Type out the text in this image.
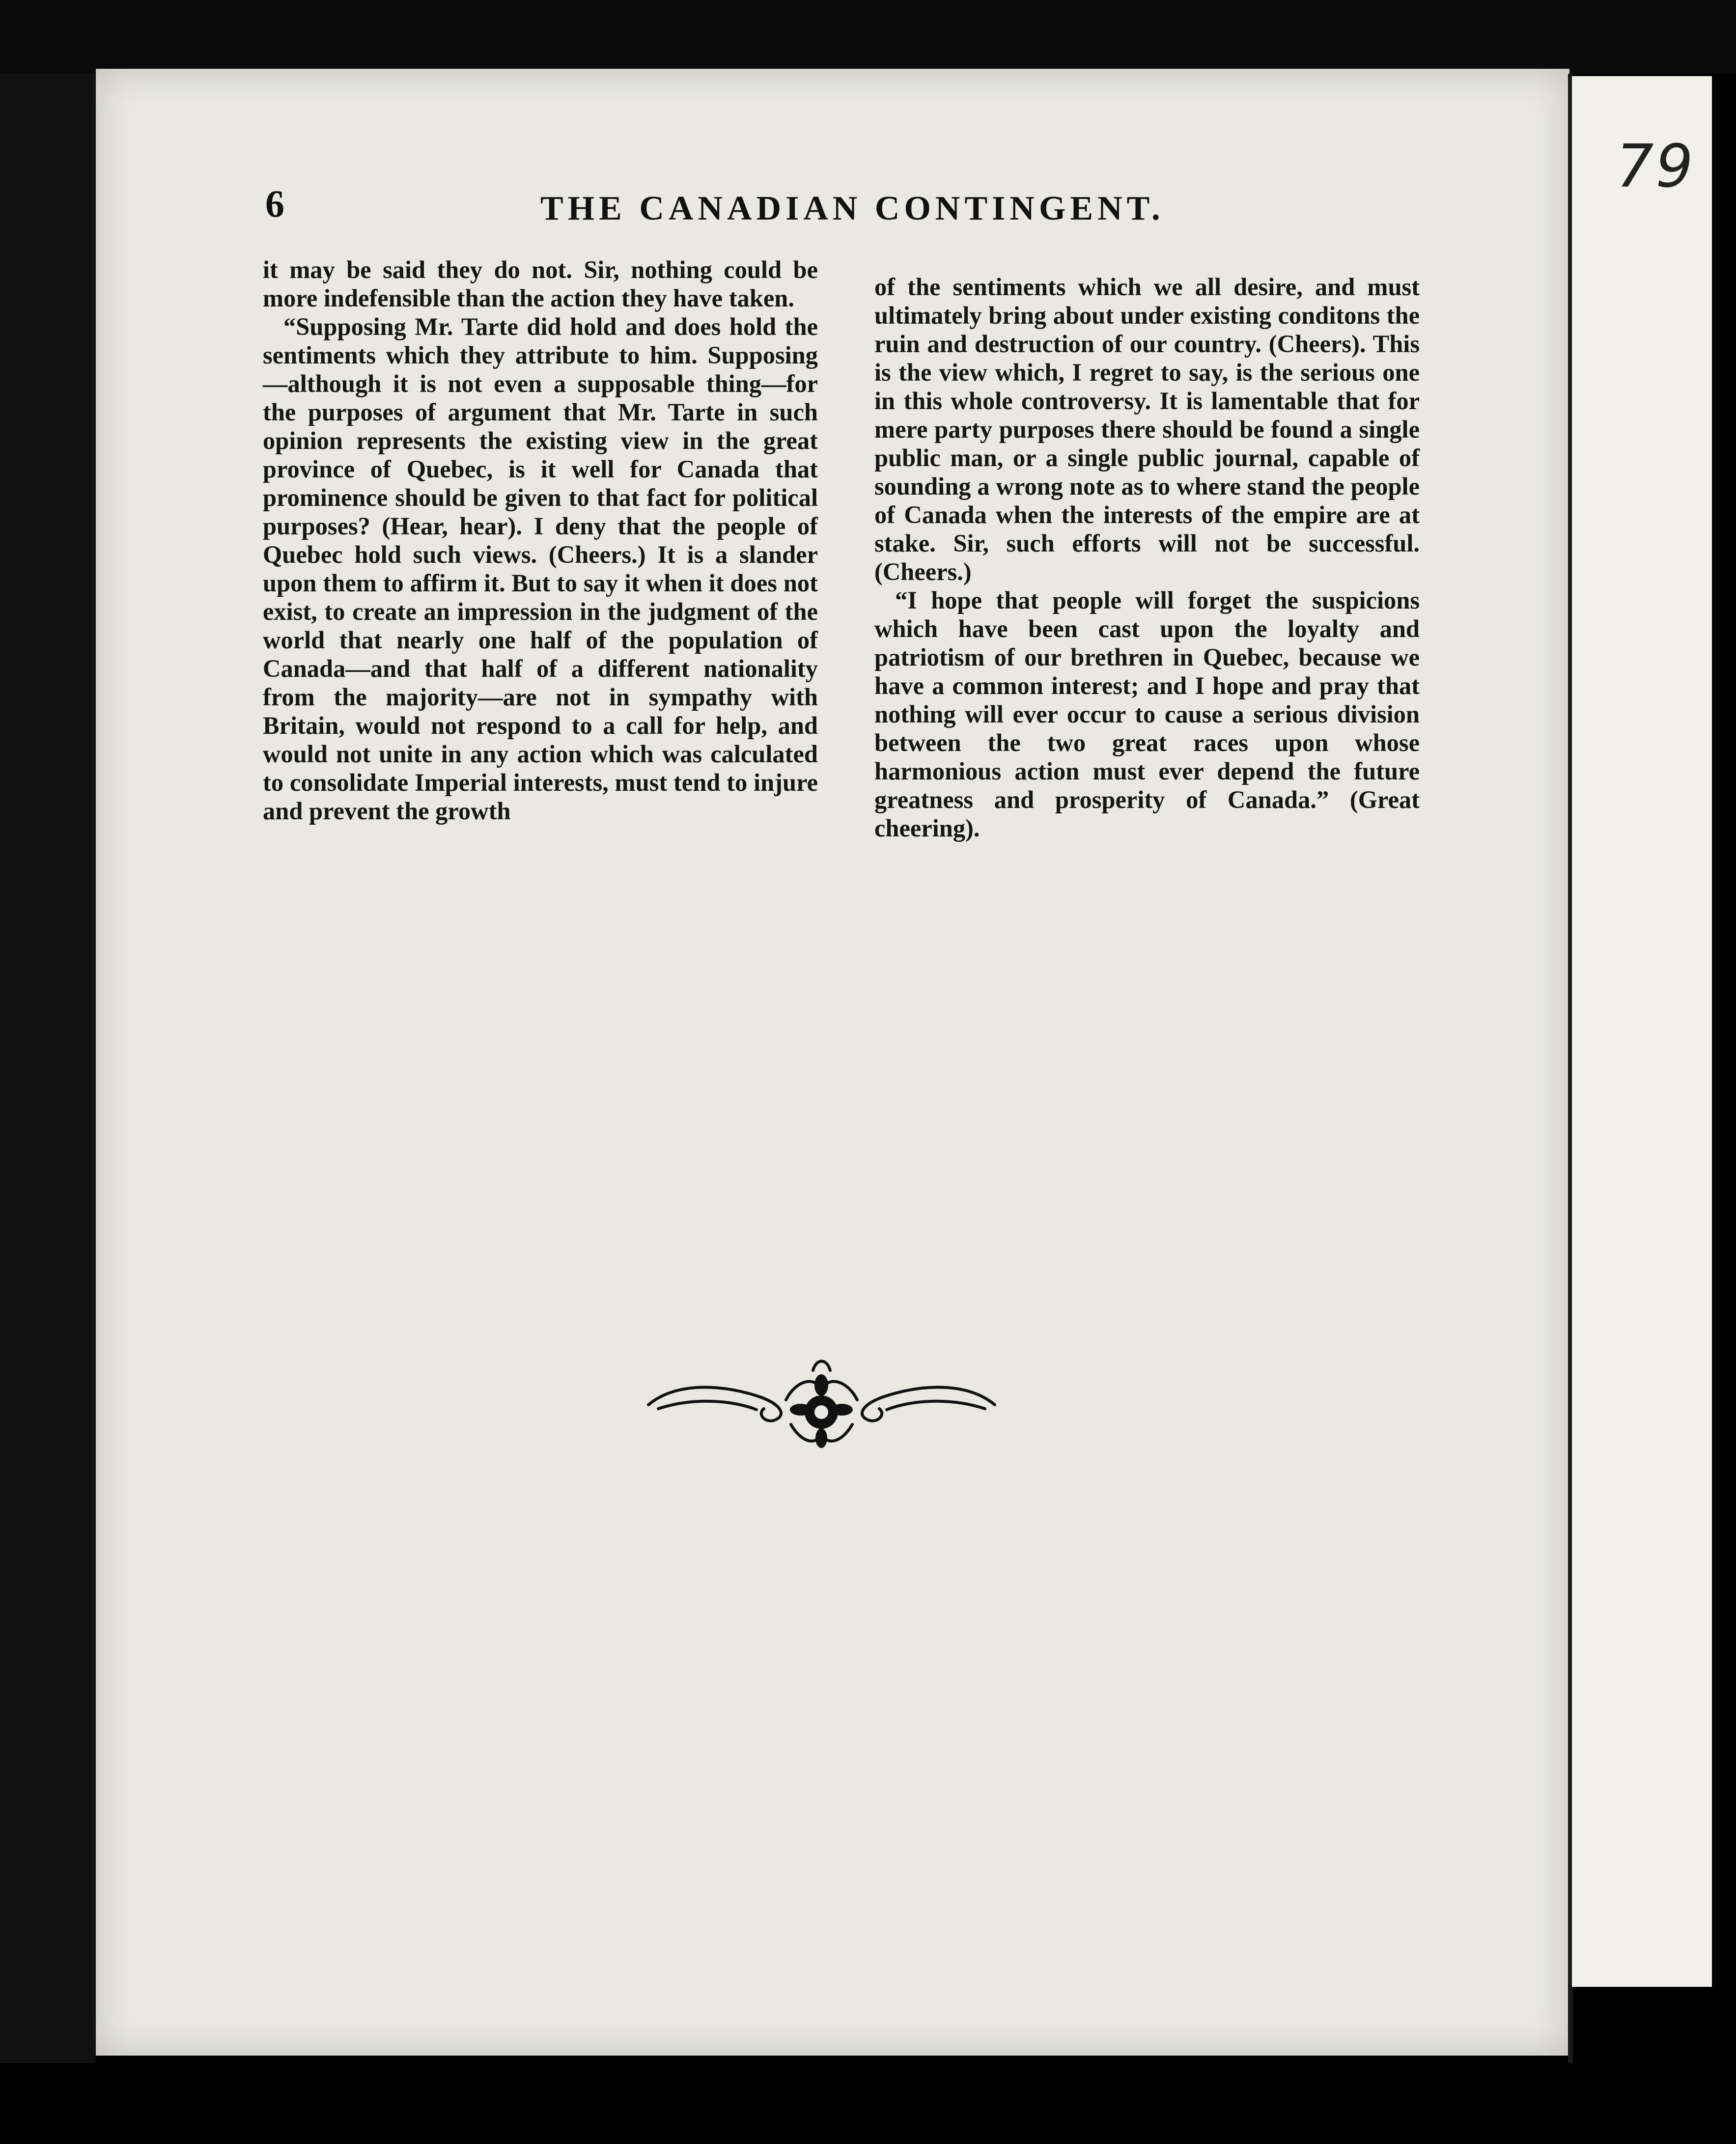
79
6	THE CANADIAN CONTINGENT.

it may be said they do not. Sir, nothing could be more indefensible than the action they have taken.

“Supposing Mr. Tarte did hold and does hold the sentiments which they attribute to him. Supposing—although it is not even a supposable thing—for the purposes of argument that Mr. Tarte in such opinion represents the existing view in the great province of Quebec, is it well for Canada that prominence should be given to that fact for political purposes? (Hear, hear). I deny that the people of Quebec hold such views. (Cheers.) It is a slander upon them to affirm it. But to say it when it does not exist, to create an impression in the judgment of the world that nearly one half of the population of Canada—and that half of a different nationality from the majority—are not in sympathy with Britain, would not respond to a call for help, and would not unite in any action which was calculated to consolidate Imperial interests, must tend to injure and prevent the growth

of the sentiments which we all desire, and must ultimately bring about under existing conditons the ruin and destruction of our country. (Cheers). This is the view which, I regret to say, is the serious one in this whole controversy. It is lamentable that for mere party purposes there should be found a single public man, or a single public journal, capable of sounding a wrong note as to where stand the people of Canada when the interests of the empire are at stake. Sir, such efforts will not be successful. (Cheers.)

“I hope that people will forget the suspicions which have been cast upon the loyalty and patriotism of our brethren in Quebec, because we have a common interest; and I hope and pray that nothing will ever occur to cause a serious division between the two great races upon whose harmonious action must ever depend the future greatness and prosperity of Canada.” (Great cheering).
